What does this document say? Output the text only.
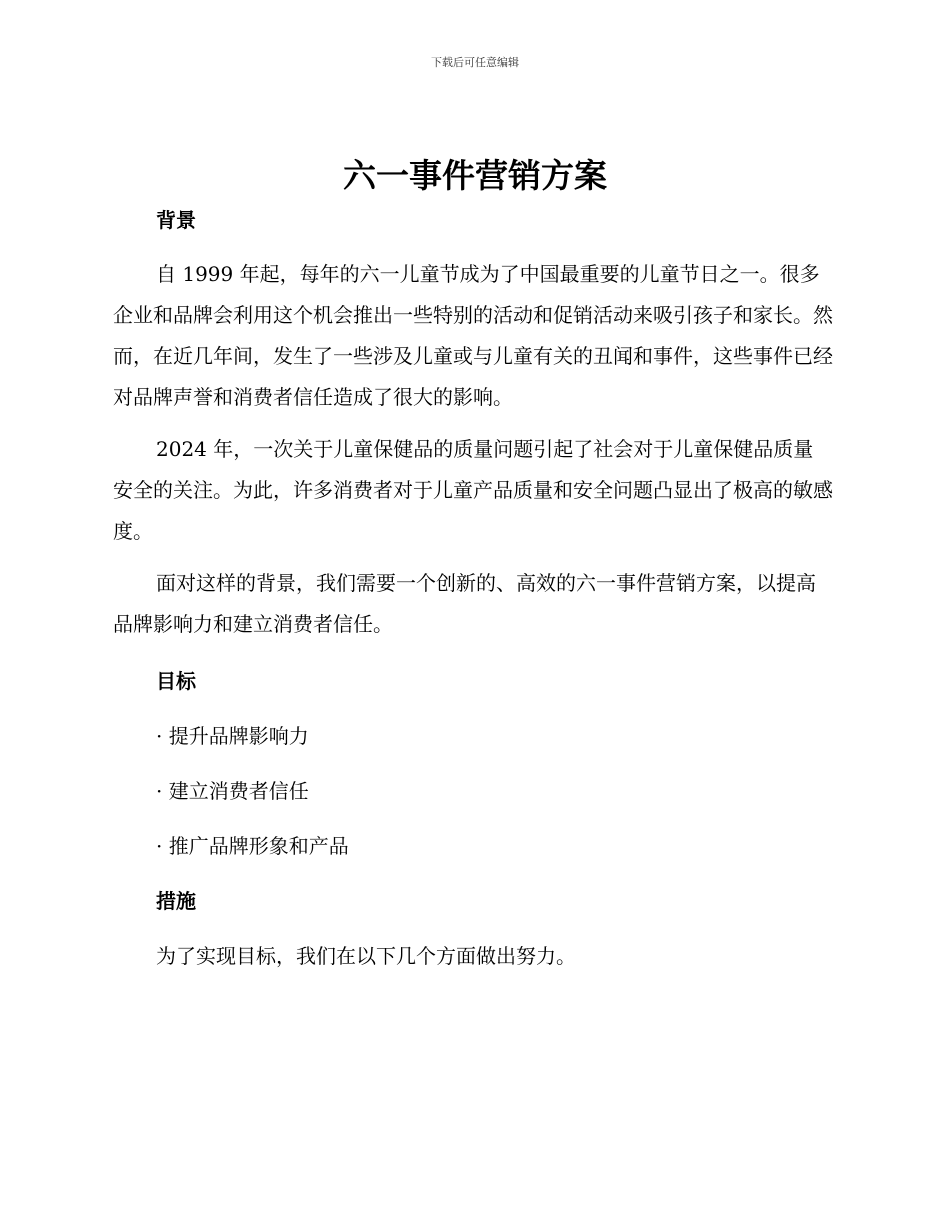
下载后可任意编辑
六一事件营销方案

背景

自 1999 年起，每年的六一儿童节成为了中国最重要的儿童节日之一。很多企业和品牌会利用这个机会推出一些特别的活动和促销活动来吸引孩子和家长。然而，在近几年间，发生了一些涉及儿童或与儿童有关的丑闻和事件，这些事件已经对品牌声誉和消费者信任造成了很大的影响。

2024 年，一次关于儿童保健品的质量问题引起了社会对于儿童保健品质量安全的关注。为此，许多消费者对于儿童产品质量和安全问题凸显出了极高的敏感度。

面对这样的背景，我们需要一个创新的、高效的六一事件营销方案，以提高品牌影响力和建立消费者信任。

目标

· 提升品牌影响力

· 建立消费者信任

· 推广品牌形象和产品

措施

为了实现目标，我们在以下几个方面做出努力。
